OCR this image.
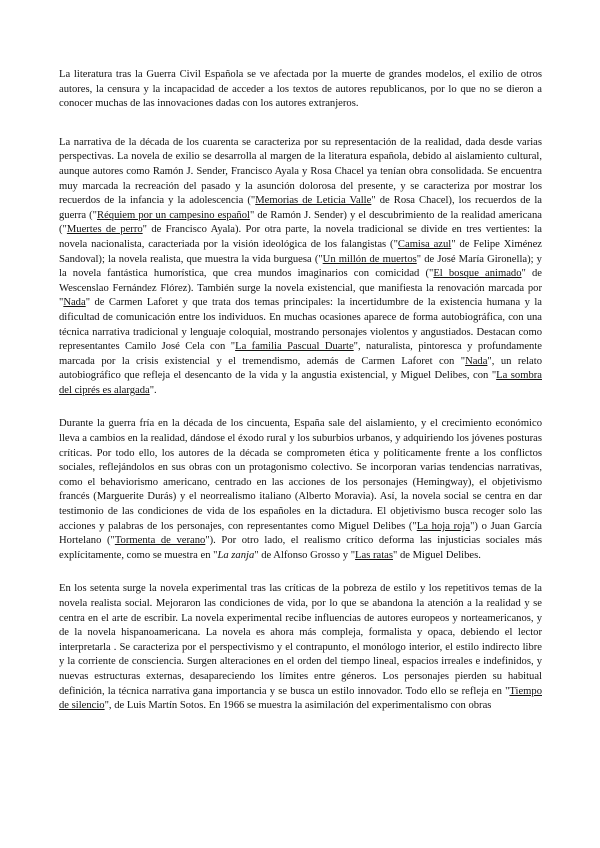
La literatura tras la Guerra Civil Española se ve afectada por la muerte de grandes modelos, el exilio de otros autores, la censura y la incapacidad de acceder a los textos de autores republicanos, por lo que no se dieron a conocer muchas de las innovaciones dadas con los autores extranjeros.

La narrativa de la década de los cuarenta se caracteriza por su representación de la realidad, dada desde varias perspectivas. La novela de exilio se desarrolla al margen de la literatura española, debido al aislamiento cultural, aunque autores como Ramón J. Sender, Francisco Ayala y Rosa Chacel ya tenían obra consolidada. Se encuentra muy marcada la recreación del pasado y la asunción dolorosa del presente, y se caracteriza por mostrar los recuerdos de la infancia y la adolescencia ("Memorias de Leticia Valle" de Rosa Chacel), los recuerdos de la guerra ("Réquiem por un campesino español" de Ramón J. Sender) y el descubrimiento de la realidad americana ("Muertes de perro" de Francisco Ayala). Por otra parte, la novela tradicional se divide en tres vertientes: la novela nacionalista, caracteriada por la visión ideológica de los falangistas ("Camisa azul" de Felipe Ximénez Sandoval); la novela realista, que muestra la vida burguesa ("Un millón de muertos" de José María Gironella); y la novela fantástica humorística, que crea mundos imaginarios con comicidad ("El bosque animado" de Wescenslao Fernández Flórez). También surge la novela existencial, que manifiesta la renovación marcada por "Nada" de Carmen Laforet y que trata dos temas principales: la incertidumbre de la existencia humana y la dificultad de comunicación entre los individuos. En muchas ocasiones aparece de forma autobiográfica, con una técnica narrativa tradicional y lenguaje coloquial, mostrando personajes violentos y angustiados. Destacan como representantes Camilo José Cela con "La familia Pascual Duarte", naturalista, pintoresca y profundamente marcada por la crisis existencial y el tremendismo, además de Carmen Laforet con "Nada", un relato autobiográfico que refleja el desencanto de la vida y la angustia existencial, y Miguel Delibes, con "La sombra del ciprés es alargada".

Durante la guerra fría en la década de los cincuenta, España sale del aislamiento, y el crecimiento económico lleva a cambios en la realidad, dándose el éxodo rural y los suburbios urbanos, y adquiriendo los jóvenes posturas críticas. Por todo ello, los autores de la década se comprometen ética y políticamente frente a los conflictos sociales, reflejándolos en sus obras con un protagonismo colectivo. Se incorporan varias tendencias narrativas, como el behaviorismo americano, centrado en las acciones de los personajes (Hemingway), el objetivismo francés (Marguerite Durás) y el neorrealismo italiano (Alberto Moravia). Así, la novela social se centra en dar testimonio de las condiciones de vida de los españoles en la dictadura. El objetivismo busca recoger solo las acciones y palabras de los personajes, con representantes como Miguel Delibes ("La hoja roja") o Juan García Hortelano ("Tormenta de verano"). Por otro lado, el realismo crítico deforma las injusticias sociales más explícitamente, como se muestra en "La zanja" de Alfonso Grosso y "Las ratas" de Miguel Delibes.

En los setenta surge la novela experimental tras las críticas de la pobreza de estilo y los repetitivos temas de la novela realista social. Mejoraron las condiciones de vida, por lo que se abandona la atención a la realidad y se centra en el arte de escribir. La novela experimental recibe influencias de autores europeos y norteamericanos, y de la novela hispanoamericana. La novela es ahora más compleja, formalista y opaca, debiendo el lector interpretarla . Se caracteriza por el perspectivismo y el contrapunto, el monólogo interior, el estilo indirecto libre y la corriente de consciencia. Surgen alteraciones en el orden del tiempo lineal, espacios irreales e indefinidos, y nuevas estructuras externas, desapareciendo los límites entre géneros. Los personajes pierden su habitual definición, la técnica narrativa gana importancia y se busca un estilo innovador. Todo ello se refleja en "Tiempo de silencio", de Luis Martín Sotos. En 1966 se muestra la asimilación del experimentalismo con obras
